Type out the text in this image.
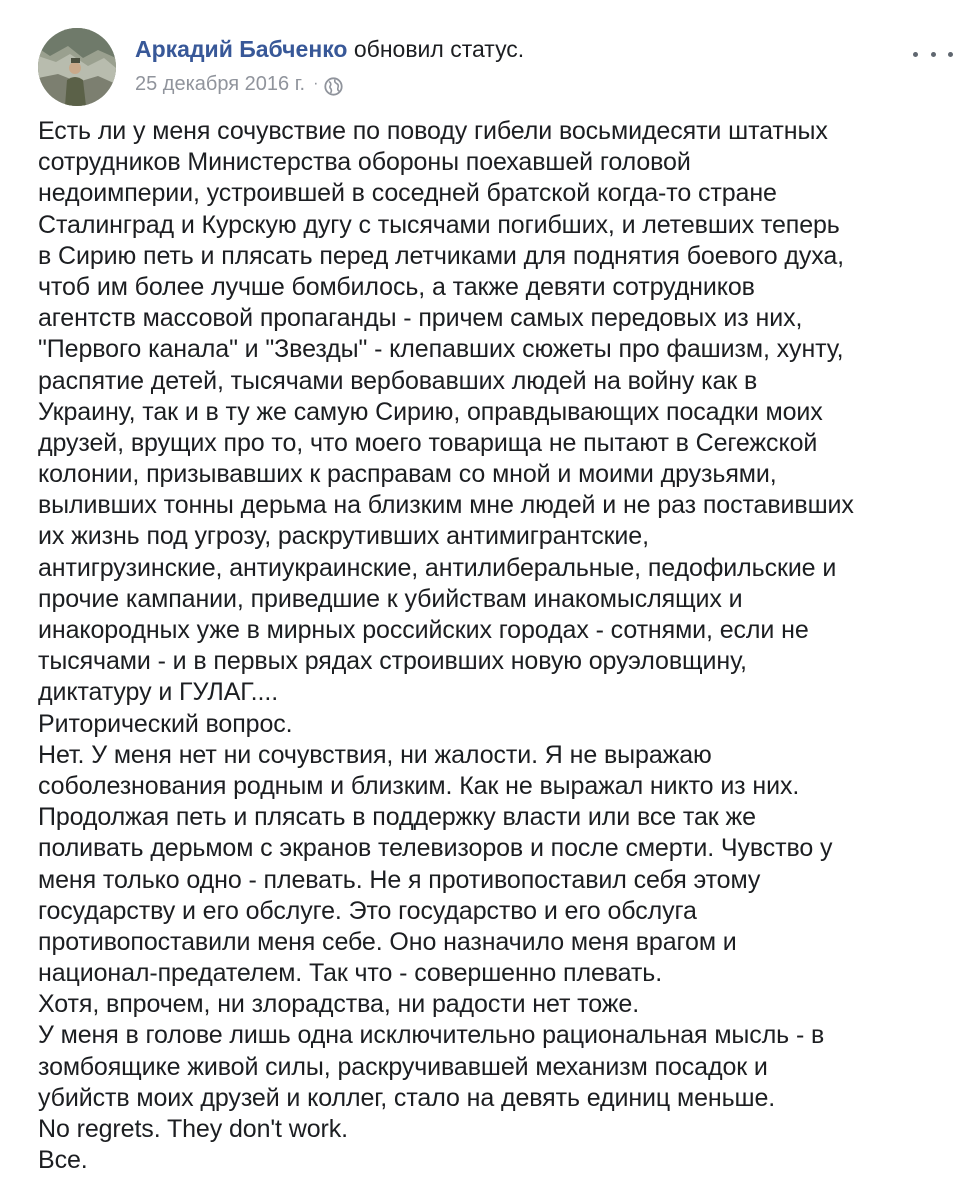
Аркадий Бабченко обновил статус.
25 декабря 2016 г. ·
Есть ли у меня сочувствие по поводу гибели восьмидесяти штатных
сотрудников Министерства обороны поехавшей головой
недоимперии, устроившей в соседней братской когда-то стране
Сталинград и Курскую дугу с тысячами погибших, и летевших теперь
в Сирию петь и плясать перед летчиками для поднятия боевого духа,
чтоб им более лучше бомбилось, а также девяти сотрудников
агентств массовой пропаганды - причем самых передовых из них,
"Первого канала" и "Звезды" - клепавших сюжеты про фашизм, хунту,
распятие детей, тысячами вербовавших людей на войну как в
Украину, так и в ту же самую Сирию, оправдывающих посадки моих
друзей, врущих про то, что моего товарища не пытают в Сегежской
колонии, призывавших к расправам со мной и моими друзьями,
выливших тонны дерьма на близким мне людей и не раз поставивших
их жизнь под угрозу, раскрутивших антимигрантские,
антигрузинские, антиукраинские, антилиберальные, педофильские и
прочие кампании, приведшие к убийствам инакомыслящих и
инакородных уже в мирных российских городах - сотнями, если не
тысячами - и в первых рядах строивших новую оруэловщину,
диктатуру и ГУЛАГ....
Риторический вопрос.
Нет. У меня нет ни сочувствия, ни жалости. Я не выражаю
соболезнования родным и близким. Как не выражал никто из них.
Продолжая петь и плясать в поддержку власти или все так же
поливать дерьмом с экранов телевизоров и после смерти. Чувство у
меня только одно - плевать. Не я противопоставил себя этому
государству и его обслуге. Это государство и его обслуга
противопоставили меня себе. Оно назначило меня врагом и
национал-предателем. Так что - совершенно плевать.
Хотя, впрочем, ни злорадства, ни радости нет тоже.
У меня в голове лишь одна исключительно рациональная мысль - в
зомбоящике живой силы, раскручивавшей механизм посадок и
убийств моих друзей и коллег, стало на девять единиц меньше.
No regrets. They don't work.
Все.
